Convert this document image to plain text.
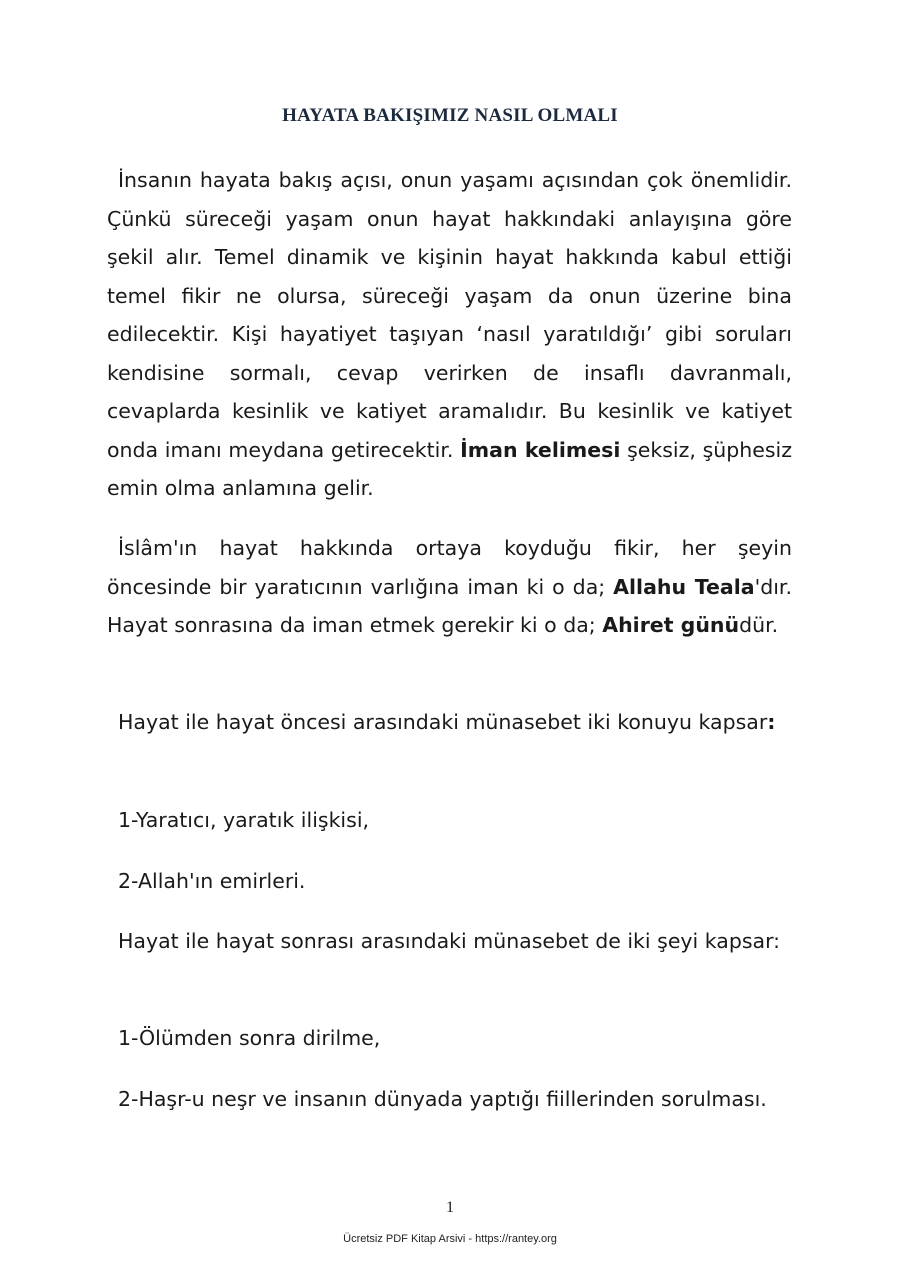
HAYATA BAKIŞIMIZ NASIL OLMALI

İnsanın hayata bakış açısı, onun yaşamı açısından çok önemlidir. Çünkü süreceği yaşam onun hayat hakkındaki anlayışına göre şekil alır. Temel dinamik ve kişinin hayat hakkında kabul ettiği temel fikir ne olursa, süreceği yaşam da onun üzerine bina edilecektir. Kişi hayatiyet taşıyan ‘nasıl yaratıldığı’ gibi soruları kendisine sormalı, cevap verirken de insaflı davranmalı, cevaplarda kesinlik ve katiyet aramalıdır. Bu kesinlik ve katiyet onda imanı meydana getirecektir. İman kelimesi şeksiz, şüphesiz emin olma anlamına gelir.

İslâm'ın hayat hakkında ortaya koyduğu fikir, her şeyin öncesinde bir yaratıcının varlığına iman ki o da; Allahu Teala'dır. Hayat sonrasına da iman etmek gerekir ki o da; Ahiret günüdür.

Hayat ile hayat öncesi arasındaki münasebet iki konuyu kapsar:

1-Yaratıcı, yaratık ilişkisi,

2-Allah'ın emirleri.

Hayat ile hayat sonrası arasındaki münasebet de iki şeyi kapsar:

1-Ölümden sonra dirilme,

2-Haşr-u neşr ve insanın dünyada yaptığı fiillerinden sorulması.

1
Ücretsiz PDF Kitap Arsivi - https://rantey.org
